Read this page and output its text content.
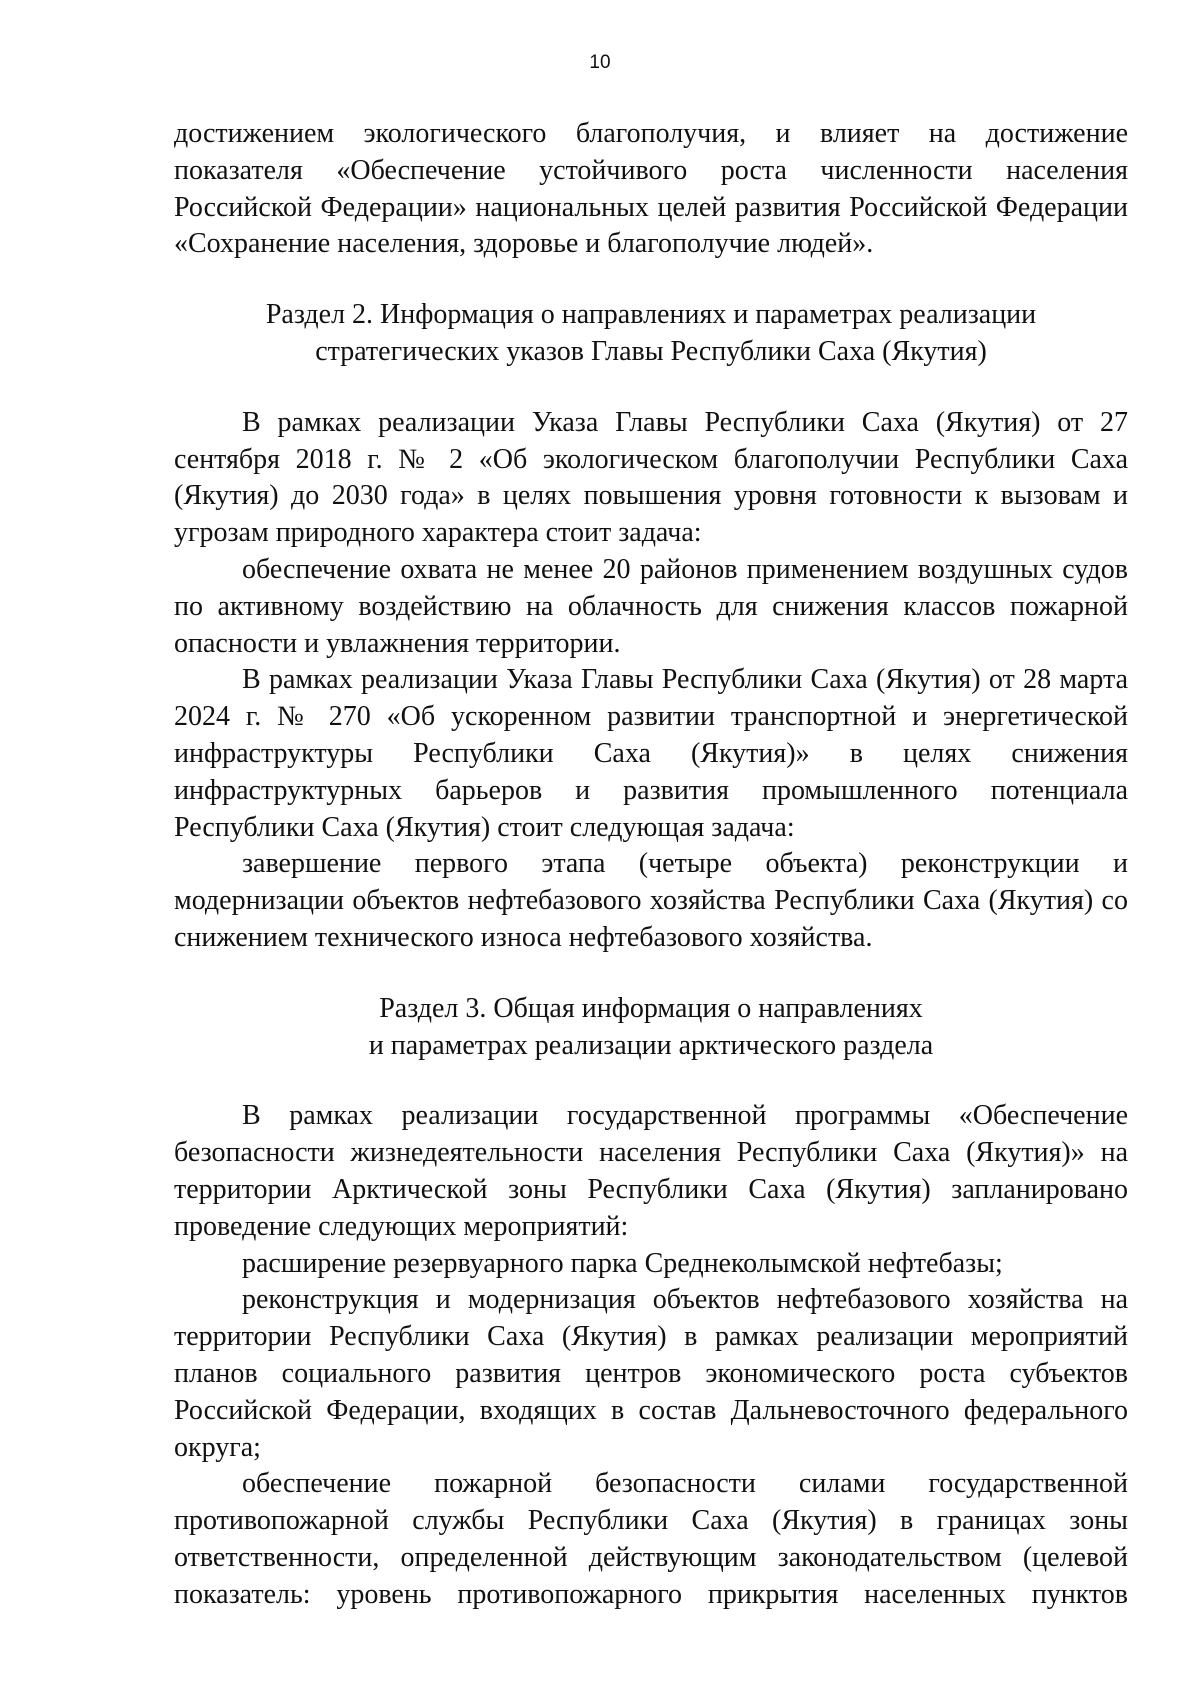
10

достижением экологического благополучия, и влияет на достижение показателя «Обеспечение устойчивого роста численности населения Российской Федерации» национальных целей развития Российской Федерации «Сохранение населения, здоровье и благополучие людей».

Раздел 2. Информация о направлениях и параметрах реализации
стратегических указов Главы Республики Саха (Якутия)

В рамках реализации Указа Главы Республики Саха (Якутия) от 27 сентября 2018 г. № 2 «Об экологическом благополучии Республики Саха (Якутия) до 2030 года» в целях повышения уровня готовности к вызовам и угрозам природного характера стоит задача:

обеспечение охвата не менее 20 районов применением воздушных судов по активному воздействию на облачность для снижения классов пожарной опасности и увлажнения территории.

В рамках реализации Указа Главы Республики Саха (Якутия) от 28 марта 2024 г. № 270 «Об ускоренном развитии транспортной и энергетической инфраструктуры Республики Саха (Якутия)» в целях снижения инфраструктурных барьеров и развития промышленного потенциала Республики Саха (Якутия) стоит следующая задача:

завершение первого этапа (четыре объекта) реконструкции и модернизации объектов нефтебазового хозяйства Республики Саха (Якутия) со снижением технического износа нефтебазового хозяйства.

Раздел 3. Общая информация о направлениях
и параметрах реализации арктического раздела

В рамках реализации государственной программы «Обеспечение безопасности жизнедеятельности населения Республики Саха (Якутия)» на территории Арктической зоны Республики Саха (Якутия) запланировано проведение следующих мероприятий:

расширение резервуарного парка Среднеколымской нефтебазы;

реконструкция и модернизация объектов нефтебазового хозяйства на территории Республики Саха (Якутия) в рамках реализации мероприятий планов социального развития центров экономического роста субъектов Российской Федерации, входящих в состав Дальневосточного федерального округа;

обеспечение пожарной безопасности силами государственной противопожарной службы Республики Саха (Якутия) в границах зоны ответственности, определенной действующим законодательством (целевой показатель: уровень противопожарного прикрытия населенных пунктов
